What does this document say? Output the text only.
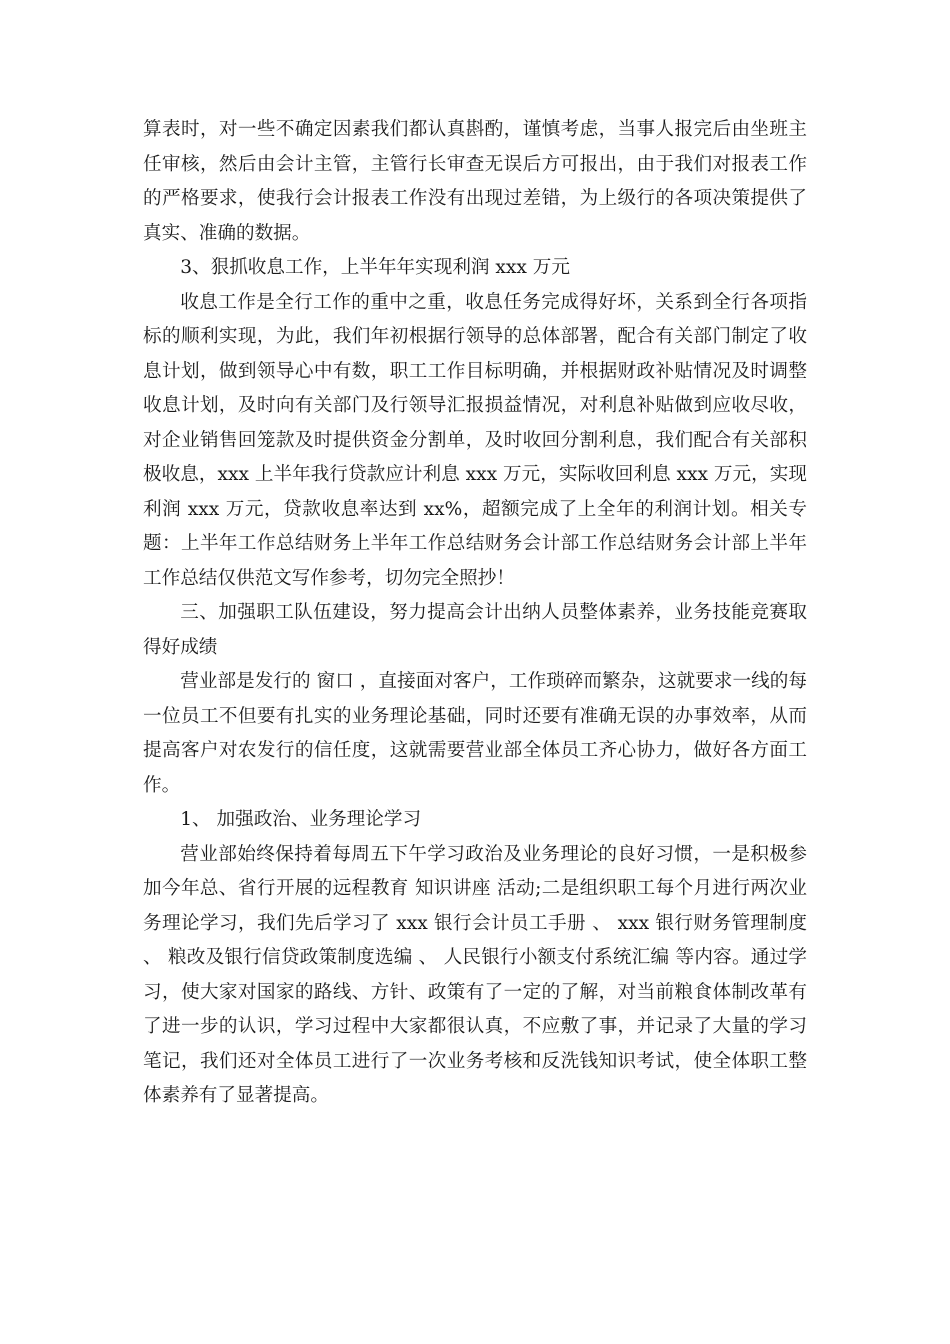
算表时，对一些不确定因素我们都认真斟酌，谨慎考虑，当事人报完后由坐班主任审核，然后由会计主管，主管行长审查无误后方可报出，由于我们对报表工作的严格要求，使我行会计报表工作没有出现过差错，为上级行的各项决策提供了真实、准确的数据。

3、狠抓收息工作，上半年年实现利润 xxx 万元

收息工作是全行工作的重中之重，收息任务完成得好坏，关系到全行各项指标的顺利实现，为此，我们年初根据行领导的总体部署，配合有关部门制定了收息计划，做到领导心中有数，职工工作目标明确，并根据财政补贴情况及时调整收息计划，及时向有关部门及行领导汇报损益情况，对利息补贴做到应收尽收，对企业销售回笼款及时提供资金分割单，及时收回分割利息，我们配合有关部积极收息，xxx 上半年我行贷款应计利息 xxx 万元，实际收回利息 xxx 万元，实现利润 xxx 万元，贷款收息率达到 xx%，超额完成了上全年的利润计划。相关专题：上半年工作总结财务上半年工作总结财务会计部工作总结财务会计部上半年工作总结仅供范文写作参考，切勿完全照抄！

三、加强职工队伍建设，努力提高会计出纳人员整体素养，业务技能竞赛取得好成绩

营业部是发行的 窗口 ，直接面对客户，工作琐碎而繁杂，这就要求一线的每一位员工不但要有扎实的业务理论基础，同时还要有准确无误的办事效率，从而提高客户对农发行的信任度，这就需要营业部全体员工齐心协力，做好各方面工作。

1、 加强政治、业务理论学习

营业部始终保持着每周五下午学习政治及业务理论的良好习惯，一是积极参加今年总、省行开展的远程教育 知识讲座 活动;二是组织职工每个月进行两次业务理论学习，我们先后学习了 xxx 银行会计员工手册 、 xxx 银行财务管理制度 、 粮改及银行信贷政策制度选编 、 人民银行小额支付系统汇编 等内容。通过学习，使大家对国家的路线、方针、政策有了一定的了解，对当前粮食体制改革有了进一步的认识，学习过程中大家都很认真，不应敷了事，并记录了大量的学习笔记，我们还对全体员工进行了一次业务考核和反洗钱知识考试，使全体职工整体素养有了显著提高。
